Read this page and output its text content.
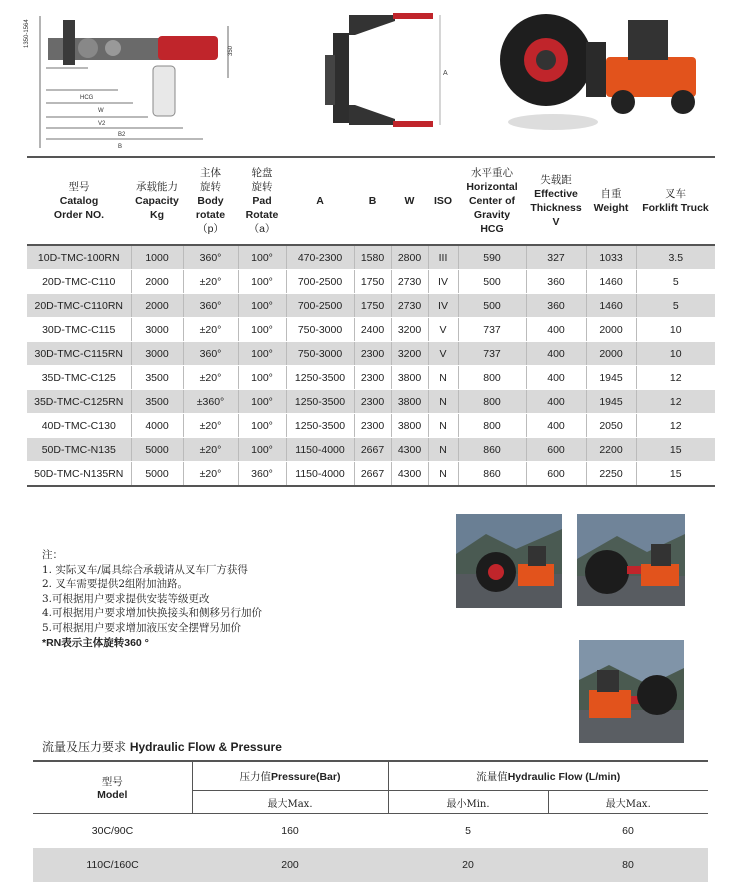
1350-1564
350
HCG
W
V2
B2
B
A
型号
Catalog
Order NO.	承载能力
Capacity
Kg	主体
旋转
Body
rotate
（p）	轮盘
旋转
Pad
Rotate
（a）	A	B	W	ISO	水平重心
Horizontal
Center of
Gravity
HCG	失载距
Effective
Thickness
V	自重
Weight	叉车
Forklift Truck
10D-TMC-100RN	1000	360°	100°	470-2300	1580	2800	III	590	327	1033	3.5
20D-TMC-C110	2000	±20°	100°	700-2500	1750	2730	IV	500	360	1460	5
20D-TMC-C110RN	2000	360°	100°	700-2500	1750	2730	IV	500	360	1460	5
30D-TMC-C115	3000	±20°	100°	750-3000	2400	3200	V	737	400	2000	10
30D-TMC-C115RN	3000	360°	100°	750-3000	2300	3200	V	737	400	2000	10
35D-TMC-C125	3500	±20°	100°	1250-3500	2300	3800	N	800	400	1945	12
35D-TMC-C125RN	3500	±360°	100°	1250-3500	2300	3800	N	800	400	1945	12
40D-TMC-C130	4000	±20°	100°	1250-3500	2300	3800	N	800	400	2050	12
50D-TMC-N135	5000	±20°	100°	1150-4000	2667	4300	N	860	600	2200	15
50D-TMC-N135RN	5000	±20°	360°	1150-4000	2667	4300	N	860	600	2250	15
注：
1. 实际叉车/属具综合承载请从叉车厂方获得
2. 叉车需要提供2组附加油路。
3.可根据用户要求提供安装等级更改
4.可根据用户要求增加快换接头和侧移另行加价
5.可根据用户要求增加液压安全摆臂另加价
*RN表示主体旋转360 °
流量及压力要求 Hydraulic Flow & Pressure
型号
Model	压力值Pressure(Bar)	流量值Hydraulic Flow (L/min)	
	最大Max.	最小Min.	最大Max.
30C/90C	160	5	60
110C/160C	200	20	80
